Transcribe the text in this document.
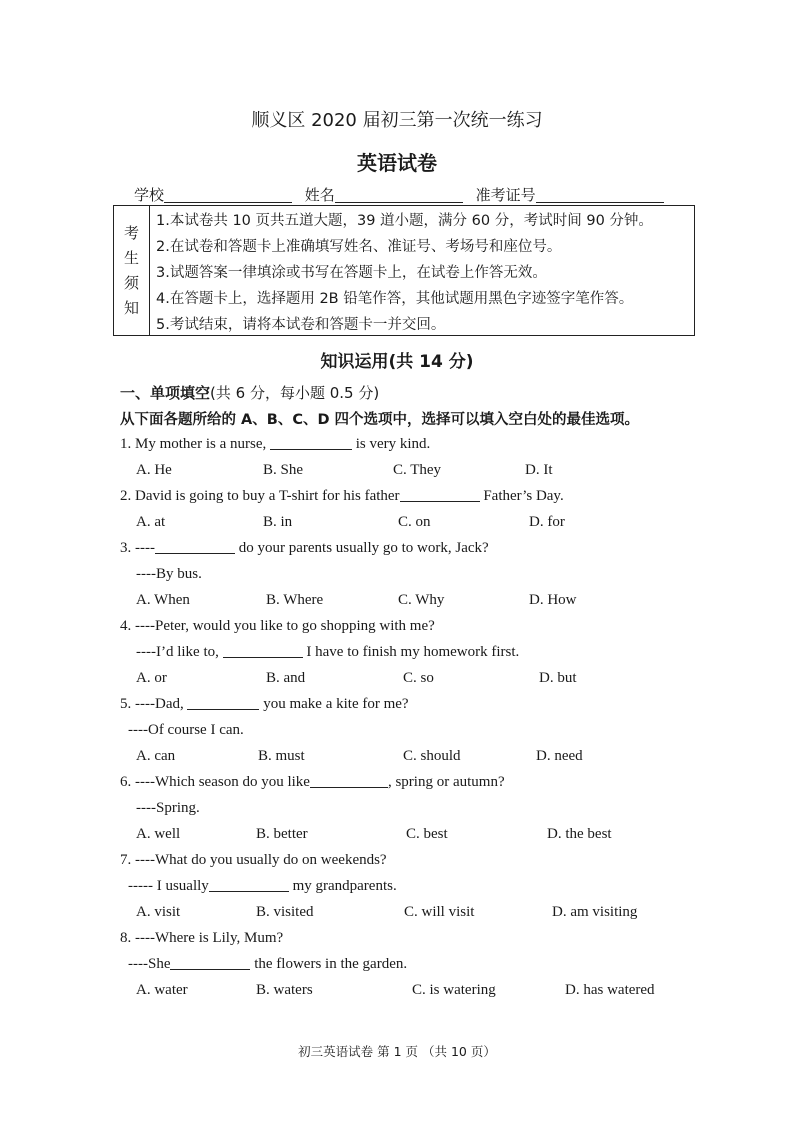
顺义区 2020 届初三第一次统一练习
英语试卷
学校	姓名	准考证号
考
生
须
知
1.本试卷共 10 页共五道大题，39 道小题，满分 60 分，考试时间 90 分钟。
2.在试卷和答题卡上准确填写姓名、准证号、考场号和座位号。
3.试题答案一律填涂或书写在答题卡上，在试卷上作答无效。
4.在答题卡上，选择题用 2B 铅笔作答，其他试题用黑色字迹签字笔作答。
5.考试结束，请将本试卷和答题卡一并交回。
知识运用(共 14 分)
一、单项填空(共 6 分，每小题 0.5 分)
从下面各题所给的 A、B、C、D 四个选项中，选择可以填入空白处的最佳选项。
1. My mother is a nurse,	is very kind.
A. He	B. She	C. They	D. It
2. David is going to buy a T-shirt for his father	Father’s Day.
A. at	B. in	C. on	D. for
3. ----	do your parents usually go to work, Jack?
----By bus.
A. When	B. Where	C. Why	D. How
4. ----Peter, would you like to go shopping with me?
----I’d like to,	I have to finish my homework first.
A. or	B. and	C. so	D. but
5. ----Dad,	you make a kite for me?
----Of course I can.
A. can	B. must	C. should	D. need
6. ----Which season do you like	, spring or autumn?
----Spring.
A. well	B. better	C. best	D. the best
7. ----What do you usually do on weekends?
----- I usually	my grandparents.
A. visit	B. visited	C. will visit	D. am visiting
8. ----Where is Lily, Mum?
----She	the flowers in the garden.
A. water	B. waters	C. is watering	D. has watered
初三英语试卷 第 1 页 （共 10 页）
